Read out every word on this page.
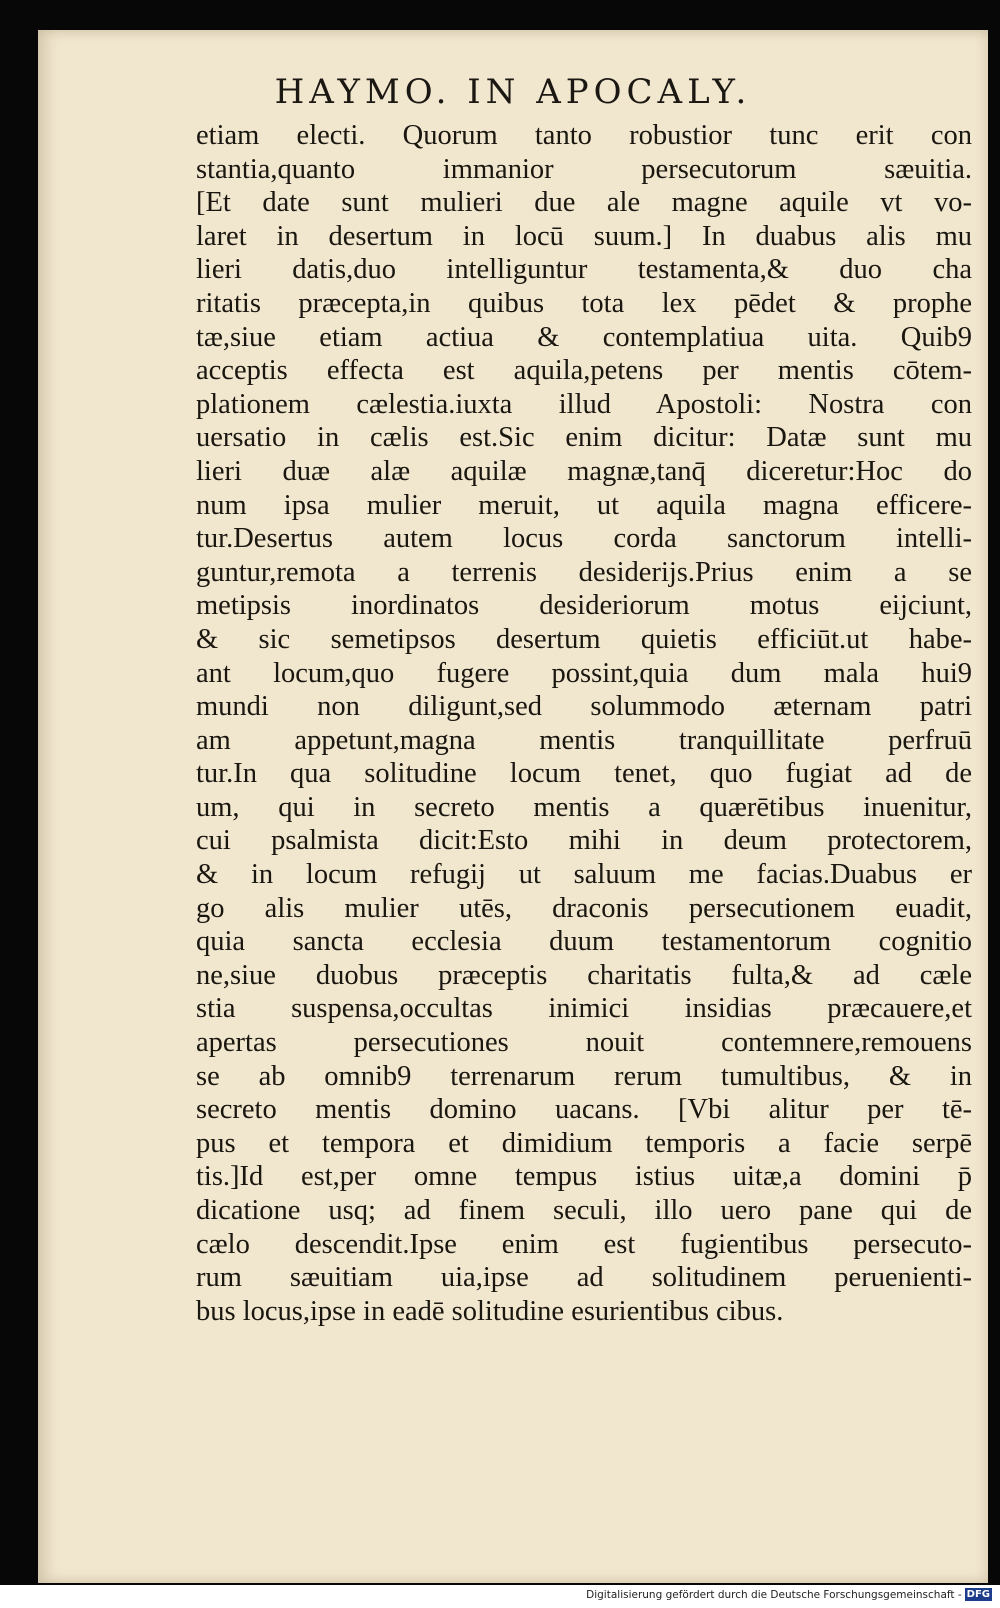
HAYMO. IN APOCALY.
etiam electi. Quorum tanto robustior tunc erit con
stantia,quanto immanior persecutorum sæuitia.
[Et date sunt mulieri due ale magne aquile vt vo-
laret in desertum in locū suum.] In duabus alis mu
lieri datis,duo intelliguntur testamenta,& duo cha
ritatis præcepta,in quibus tota lex pēdet & prophe
tæ,siue etiam actiua & contemplatiua uita. Quib9
acceptis effecta est aquila,petens per mentis cōtem-
plationem cælestia.iuxta illud Apostoli: Nostra con
uersatio in cælis est.Sic enim dicitur: Datæ sunt mu
lieri duæ alæ aquilæ magnæ,tanq̄ diceretur:Hoc do
num ipsa mulier meruit, ut aquila magna efficere-
tur.Desertus autem locus corda sanctorum intelli-
guntur,remota a terrenis desiderijs.Prius enim a se
metipsis inordinatos desideriorum motus eijciunt,
& sic semetipsos desertum quietis efficiūt.ut habe-
ant locum,quo fugere possint,quia dum mala hui9
mundi non diligunt,sed solummodo æternam patri
am appetunt,magna mentis tranquillitate perfruū
tur.In qua solitudine locum tenet, quo fugiat ad de
um, qui in secreto mentis a quærētibus inuenitur,
cui psalmista dicit:Esto mihi in deum protectorem,
& in locum refugij ut saluum me facias.Duabus er
go alis mulier utēs, draconis persecutionem euadit,
quia sancta ecclesia duum testamentorum cognitio
ne,siue duobus præceptis charitatis fulta,& ad cæle
stia suspensa,occultas inimici insidias præcauere,et
apertas persecutiones nouit contemnere,remouens
se ab omnib9 terrenarum rerum tumultibus, & in
secreto mentis domino uacans. [Vbi alitur per tē-
pus et tempora et dimidium temporis a facie serpē
tis.]Id est,per omne tempus istius uitæ,a domini p̄
dicatione usq; ad finem seculi, illo uero pane qui de
cælo descendit.Ipse enim est fugientibus persecuto-
rum sæuitiam uia,ipse ad solitudinem peruenienti-
bus locus,ipse in eadē solitudine esurientibus cibus.
Digitalisierung gefördert durch die Deutsche Forschungsgemeinschaft - DFG
